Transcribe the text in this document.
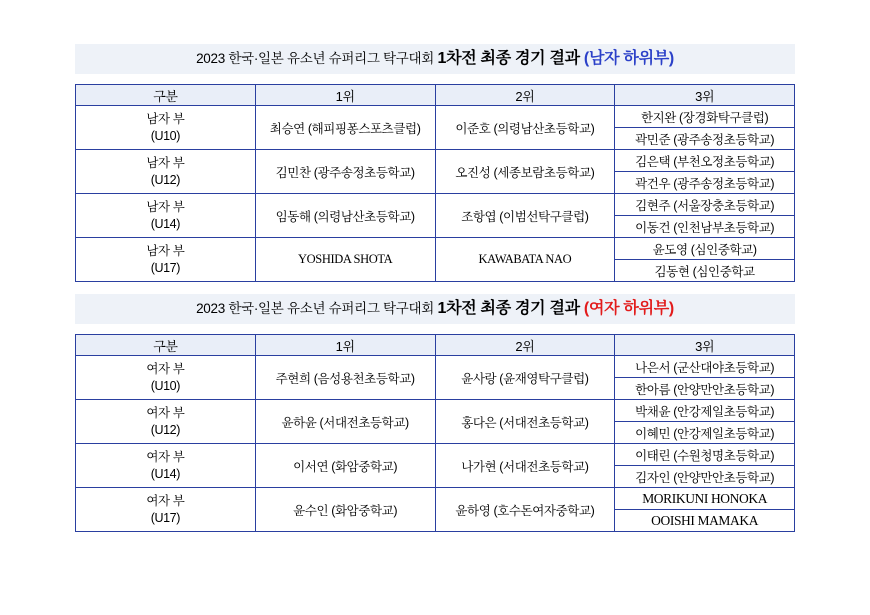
2023 한국·일본 유소년 슈퍼리그 탁구대회 1차전 최종 경기 결과 (남자 하위부)
구분	1위	2위	3위
남자 부
(U10)	최승연 (해피핑퐁스포츠클럽)	이준호 (의령남산초등학교)	한지완 (장경화탁구클럽)
			곽민준 (광주송정초등학교)
남자 부
(U12)	김민찬 (광주송정초등학교)	오진성 (세종보람초등학교)	김은택 (부천오정초등학교)
			곽건우 (광주송정초등학교)
남자 부
(U14)	임동해 (의령남산초등학교)	조항엽 (이범선탁구클럽)	김현주 (서울장충초등학교)
			이동건 (인천남부초등학교)
남자 부
(U17)	YOSHIDA SHOTA	KAWABATA NAO	윤도영 (심인중학교)
			김동현 (심인중학교
2023 한국·일본 유소년 슈퍼리그 탁구대회 1차전 최종 경기 결과 (여자 하위부)
구분	1위	2위	3위
여자 부
(U10)	주현희 (음성용천초등학교)	윤사랑 (윤재영탁구클럽)	나은서 (군산대야초등학교)
			한아름 (안양만안초등학교)
여자 부
(U12)	윤하윤 (서대전초등학교)	홍다은 (서대전초등학교)	박채윤 (안강제일초등학교)
			이혜민 (안강제일초등학교)
여자 부
(U14)	이서연 (화암중학교)	나가현 (서대전초등학교)	이태린 (수원청명초등학교)
			김자인 (안양만안초등학교)
여자 부
(U17)	윤수인 (화암중학교)	윤하영 (호수돈여자중학교)	MORIKUNI HONOKA
			OOISHI MAMAKA
